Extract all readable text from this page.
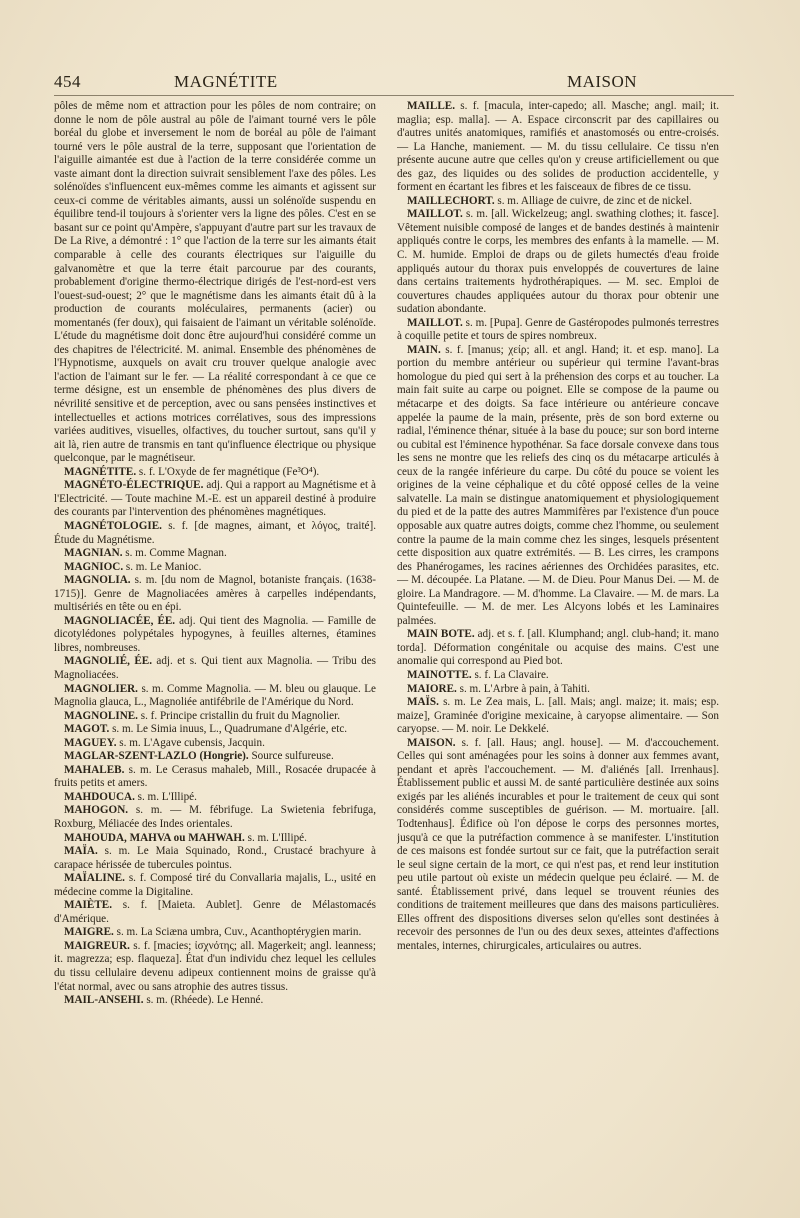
454	MAGNÉTITE	MAISON

pôles de même nom et attraction pour les pôles de nom contraire; on donne le nom de pôle austral au pôle de l'aimant tourné vers le pôle boréal du globe et inversement le nom de boréal au pôle de l'aimant tourné vers le pôle austral de la terre, supposant que l'orientation de l'aiguille aimantée est due à l'action de la terre considérée comme un vaste aimant dont la direction suivrait sensiblement l'axe des pôles. Les solénoïdes s'influencent eux-mêmes comme les aimants et agissent sur ceux-ci comme de véritables aimants, aussi un solénoïde suspendu en équilibre tend-il toujours à s'orienter vers la ligne des pôles. C'est en se basant sur ce point qu'Ampère, s'appuyant d'autre part sur les travaux de De La Rive, a démontré : 1° que l'action de la terre sur les aimants était comparable à celle des courants électriques sur l'aiguille du galvanomètre et que la terre était parcourue par des courants, probablement d'origine thermo-électrique dirigés de l'est-nord-est vers l'ouest-sud-ouest; 2° que le magnétisme dans les aimants était dû à la production de courants moléculaires, permanents (acier) ou momentanés (fer doux), qui faisaient de l'aimant un véritable solénoïde. L'étude du magnétisme doit donc être aujourd'hui considéré comme un des chapitres de l'électricité. M. animal. Ensemble des phénomènes de l'Hypnotisme, auxquels on avait cru trouver quelque analogie avec l'action de l'aimant sur le fer. — La réalité correspondant à ce que ce terme désigne, est un ensemble de phénomènes des plus divers de névrilité sensitive et de perception, avec ou sans pensées instinctives et intellectuelles et actions motrices corrélatives, sous des impressions variées auditives, visuelles, olfactives, du toucher surtout, sans qu'il y ait là, rien autre de transmis en tant qu'influence électrique ou physique quelconque, par le magnétiseur.

MAGNÉTITE. s. f. L'Oxyde de fer magnétique (Fe³O⁴).

MAGNÉTO-ÉLECTRIQUE. adj. Qui a rapport au Magnétisme et à l'Electricité. — Toute machine M.-E. est un appareil destiné à produire des courants par l'intervention des phénomènes magnétiques.

MAGNÉTOLOGIE. s. f. [de magnes, aimant, et λόγος, traité]. Étude du Magnétisme.

MAGNIAN. s. m. Comme Magnan.

MAGNIOC. s. m. Le Manioc.

MAGNOLIA. s. m. [du nom de Magnol, botaniste français. (1638-1715)]. Genre de Magnoliacées amères à carpelles indépendants, multisériés en tête ou en épi.

MAGNOLIACÉE, ÉE. adj. Qui tient des Magnolia. — Famille de dicotylédones polypétales hypogynes, à feuilles alternes, étamines libres, nombreuses.

MAGNOLIÉ, ÉE. adj. et s. Qui tient aux Magnolia. — Tribu des Magnoliacées.

MAGNOLIER. s. m. Comme Magnolia. — M. bleu ou glauque. Le Magnolia glauca, L., Magnoliée antifébrile de l'Amérique du Nord.

MAGNOLINE. s. f. Principe cristallin du fruit du Magnolier.

MAGOT. s. m. Le Simia inuus, L., Quadrumane d'Algérie, etc.

MAGUEY. s. m. L'Agave cubensis, Jacquin.

MAGLAR-SZENT-LAZLO (Hongrie). Source sulfureuse.

MAHALEB. s. m. Le Cerasus mahaleb, Mill., Rosacée drupacée à fruits petits et amers.

MAHDOUCA. s. m. L'Illipé.

MAHOGON. s. m. — M. fébrifuge. La Swietenia febrifuga, Roxburg, Méliacée des Indes orientales.

MAHOUDA, MAHVA ou MAHWAH. s. m. L'Illipé.

MAÏA. s. m. Le Maia Squinado, Rond., Crustacé brachyure à carapace hérissée de tubercules pointus.

MAÏALINE. s. f. Composé tiré du Convallaria majalis, L., usité en médecine comme la Digitaline.

MAIÈTE. s. f. [Maieta. Aublet]. Genre de Mélastomacés d'Amérique.

MAIGRE. s. m. La Sciæna umbra, Cuv., Acanthoptérygien marin.

MAIGREUR. s. f. [macies; ἰσχνότης; all. Magerkeit; angl. leanness; it. magrezza; esp. flaqueza]. État d'un individu chez lequel les cellules du tissu cellulaire devenu adipeux contiennent moins de graisse qu'à l'état normal, avec ou sans atrophie des autres tissus.

MAIL-ANSEHI. s. m. (Rhéede). Le Henné.

MAILLE. s. f. [macula, inter-capedo; all. Masche; angl. mail; it. maglia; esp. malla]. — A. Espace circonscrit par des capillaires ou d'autres unités anatomiques, ramifiés et anastomosés ou entre-croisés. — La Hanche, maniement. — M. du tissu cellulaire. Ce tissu n'en présente aucune autre que celles qu'on y creuse artificiellement ou que des gaz, des liquides ou des solides de production accidentelle, y forment en écartant les fibres et les faisceaux de fibres de ce tissu.

MAILLECHORT. s. m. Alliage de cuivre, de zinc et de nickel.

MAILLOT. s. m. [all. Wickelzeug; angl. swathing clothes; it. fasce]. Vêtement nuisible composé de langes et de bandes destinés à maintenir appliqués contre le corps, les membres des enfants à la mamelle. — M. C. M. humide. Emploi de draps ou de gilets humectés d'eau froide appliqués autour du thorax puis enveloppés de couvertures de laine dans certains traitements hydrothérapiques. — M. sec. Emploi de couvertures chaudes appliquées autour du thorax pour obtenir une sudation abondante.

MAILLOT. s. m. [Pupa]. Genre de Gastéropodes pulmonés terrestres à coquille petite et tours de spires nombreux.

MAIN. s. f. [manus; χείρ; all. et angl. Hand; it. et esp. mano]. La portion du membre antérieur ou supérieur qui termine l'avant-bras homologue du pied qui sert à la préhension des corps et au toucher. La main fait suite au carpe ou poignet. Elle se compose de la paume ou métacarpe et des doigts. Sa face intérieure ou antérieure concave appelée la paume de la main, présente, près de son bord externe ou radial, l'éminence thénar, située à la base du pouce; sur son bord interne ou cubital est l'éminence hypothénar. Sa face dorsale convexe dans tous les sens ne montre que les reliefs des cinq os du métacarpe articulés à ceux de la rangée inférieure du carpe. Du côté du pouce se voient les origines de la veine céphalique et du côté opposé celles de la veine salvatelle. La main se distingue anatomiquement et physiologiquement du pied et de la patte des autres Mammifères par l'existence d'un pouce opposable aux quatre autres doigts, comme chez l'homme, ou seulement contre la paume de la main comme chez les singes, lesquels présentent cette disposition aux quatre extrémités. — B. Les cirres, les crampons des Phanérogames, les racines aériennes des Orchidées parasites, etc. — M. découpée. La Platane. — M. de Dieu. Pour Manus Dei. — M. de gloire. La Mandragore. — M. d'homme. La Clavaire. — M. de mars. La Quintefeuille. — M. de mer. Les Alcyons lobés et les Laminaires palmées.

MAIN BOTE. adj. et s. f. [all. Klumphand; angl. club-hand; it. mano torda]. Déformation congénitale ou acquise des mains. C'est une anomalie qui correspond au Pied bot.

MAINOTTE. s. f. La Clavaire.

MAIORE. s. m. L'Arbre à pain, à Tahiti.

MAÏS. s. m. Le Zea mais, L. [all. Mais; angl. maize; it. mais; esp. maize], Graminée d'origine mexicaine, à caryopse alimentaire. — Son caryopse. — M. noir. Le Dekkelé.

MAISON. s. f. [all. Haus; angl. house]. — M. d'accouchement. Celles qui sont aménagées pour les soins à donner aux femmes avant, pendant et après l'accouchement. — M. d'aliénés [all. Irrenhaus]. Établissement public et aussi M. de santé particulière destinée aux soins exigés par les aliénés incurables et pour le traitement de ceux qui sont considérés comme susceptibles de guérison. — M. mortuaire. [all. Todtenhaus]. Édifice où l'on dépose le corps des personnes mortes, jusqu'à ce que la putréfaction commence à se manifester. L'institution de ces maisons est fondée surtout sur ce fait, que la putréfaction serait le seul signe certain de la mort, ce qui n'est pas, et rend leur institution peu utile partout où existe un médecin quelque peu éclairé. — M. de santé. Établissement privé, dans lequel se trouvent réunies des conditions de traitement meilleures que dans des maisons particulières. Elles offrent des dispositions diverses selon qu'elles sont destinées à recevoir des personnes de l'un ou des deux sexes, atteintes d'affections mentales, internes, chirurgicales, articulaires ou autres.
